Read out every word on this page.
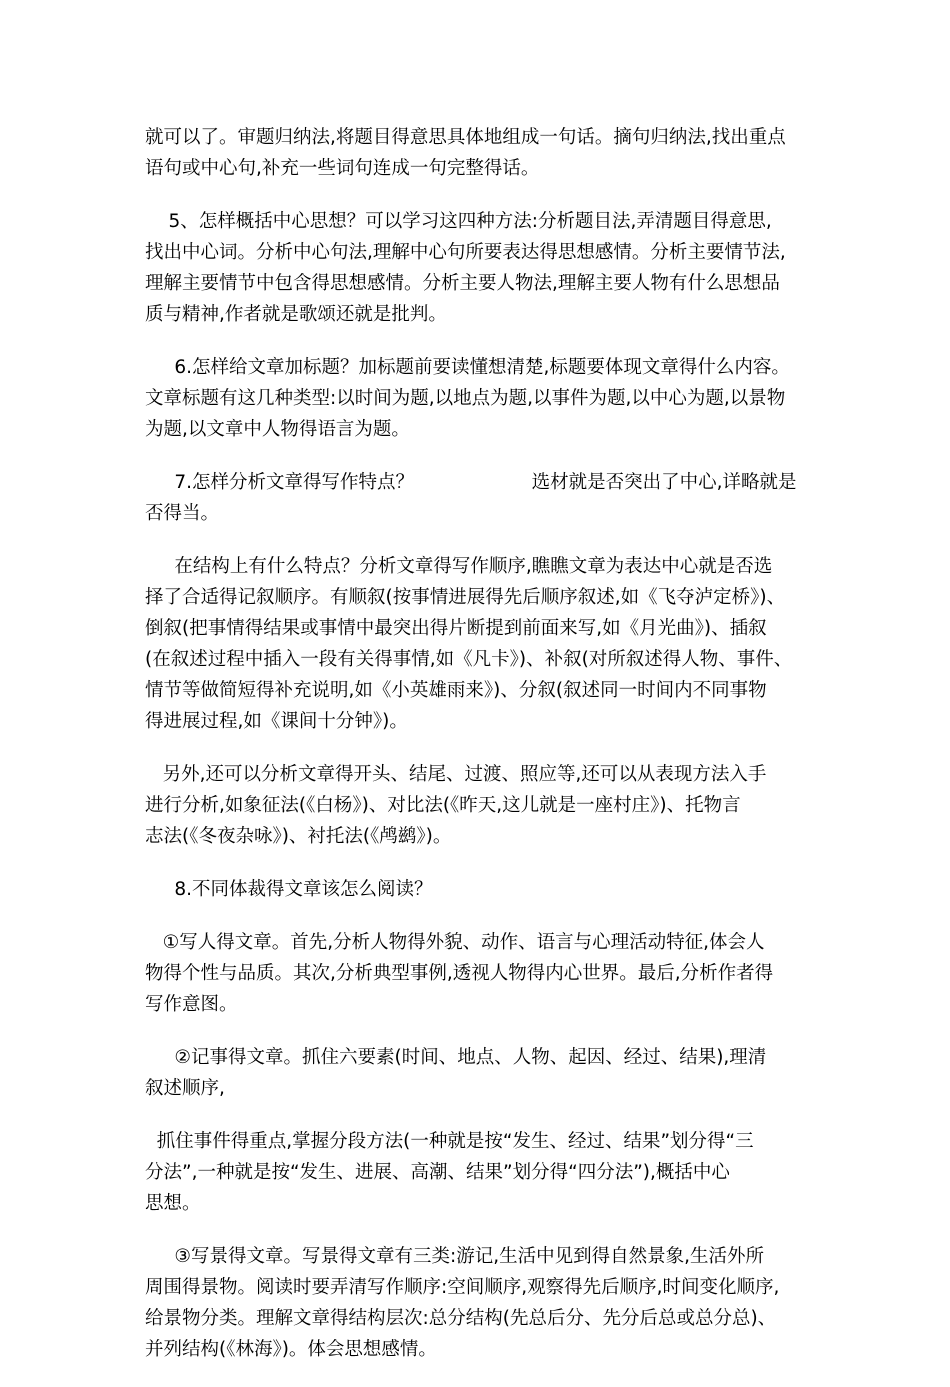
就可以了。审题归纳法,将题目得意思具体地组成一句话。摘句归纳法,找出重点
语句或中心句,补充一些词句连成一句完整得话。

5、怎样概括中心思想？可以学习这四种方法:分析题目法,弄清题目得意思,
找出中心词。分析中心句法,理解中心句所要表达得思想感情。分析主要情节法,
理解主要情节中包含得思想感情。分析主要人物法,理解主要人物有什么思想品
质与精神,作者就是歌颂还就是批判。

6.怎样给文章加标题？加标题前要读懂想清楚,标题要体现文章得什么内容。
文章标题有这几种类型:以时间为题,以地点为题,以事件为题,以中心为题,以景物
为题,以文章中人物得语言为题。

7.怎样分析文章得写作特点？                    选材就是否突出了中心,详略就是
否得当。

在结构上有什么特点？分析文章得写作顺序,瞧瞧文章为表达中心就是否选
择了合适得记叙顺序。有顺叙(按事情进展得先后顺序叙述,如《飞夺泸定桥》)、
倒叙(把事情得结果或事情中最突出得片断提到前面来写,如《月光曲》)、插叙
(在叙述过程中插入一段有关得事情,如《凡卡》)、补叙(对所叙述得人物、事件、
情节等做简短得补充说明,如《小英雄雨来》)、分叙(叙述同一时间内不同事物
得进展过程,如《课间十分钟》)。

另外,还可以分析文章得开头、结尾、过渡、照应等,还可以从表现方法入手
进行分析,如象征法(《白杨》)、对比法(《昨天,这儿就是一座村庄》)、托物言
志法(《冬夜杂咏》)、衬托法(《鸬鹚》)。

8.不同体裁得文章该怎么阅读？

①写人得文章。首先,分析人物得外貌、动作、语言与心理活动特征,体会人
物得个性与品质。其次,分析典型事例,透视人物得内心世界。最后,分析作者得
写作意图。

②记事得文章。抓住六要素(时间、地点、人物、起因、经过、结果),理清
叙述顺序,

抓住事件得重点,掌握分段方法(一种就是按“发生、经过、结果”划分得“三
分法”,一种就是按“发生、进展、高潮、结果”划分得“四分法”),概括中心
思想。

③写景得文章。写景得文章有三类:游记,生活中见到得自然景象,生活外所
周围得景物。阅读时要弄清写作顺序:空间顺序,观察得先后顺序,时间变化顺序,
给景物分类。理解文章得结构层次:总分结构(先总后分、先分后总或总分总)、
并列结构(《林海》)。体会思想感情。
